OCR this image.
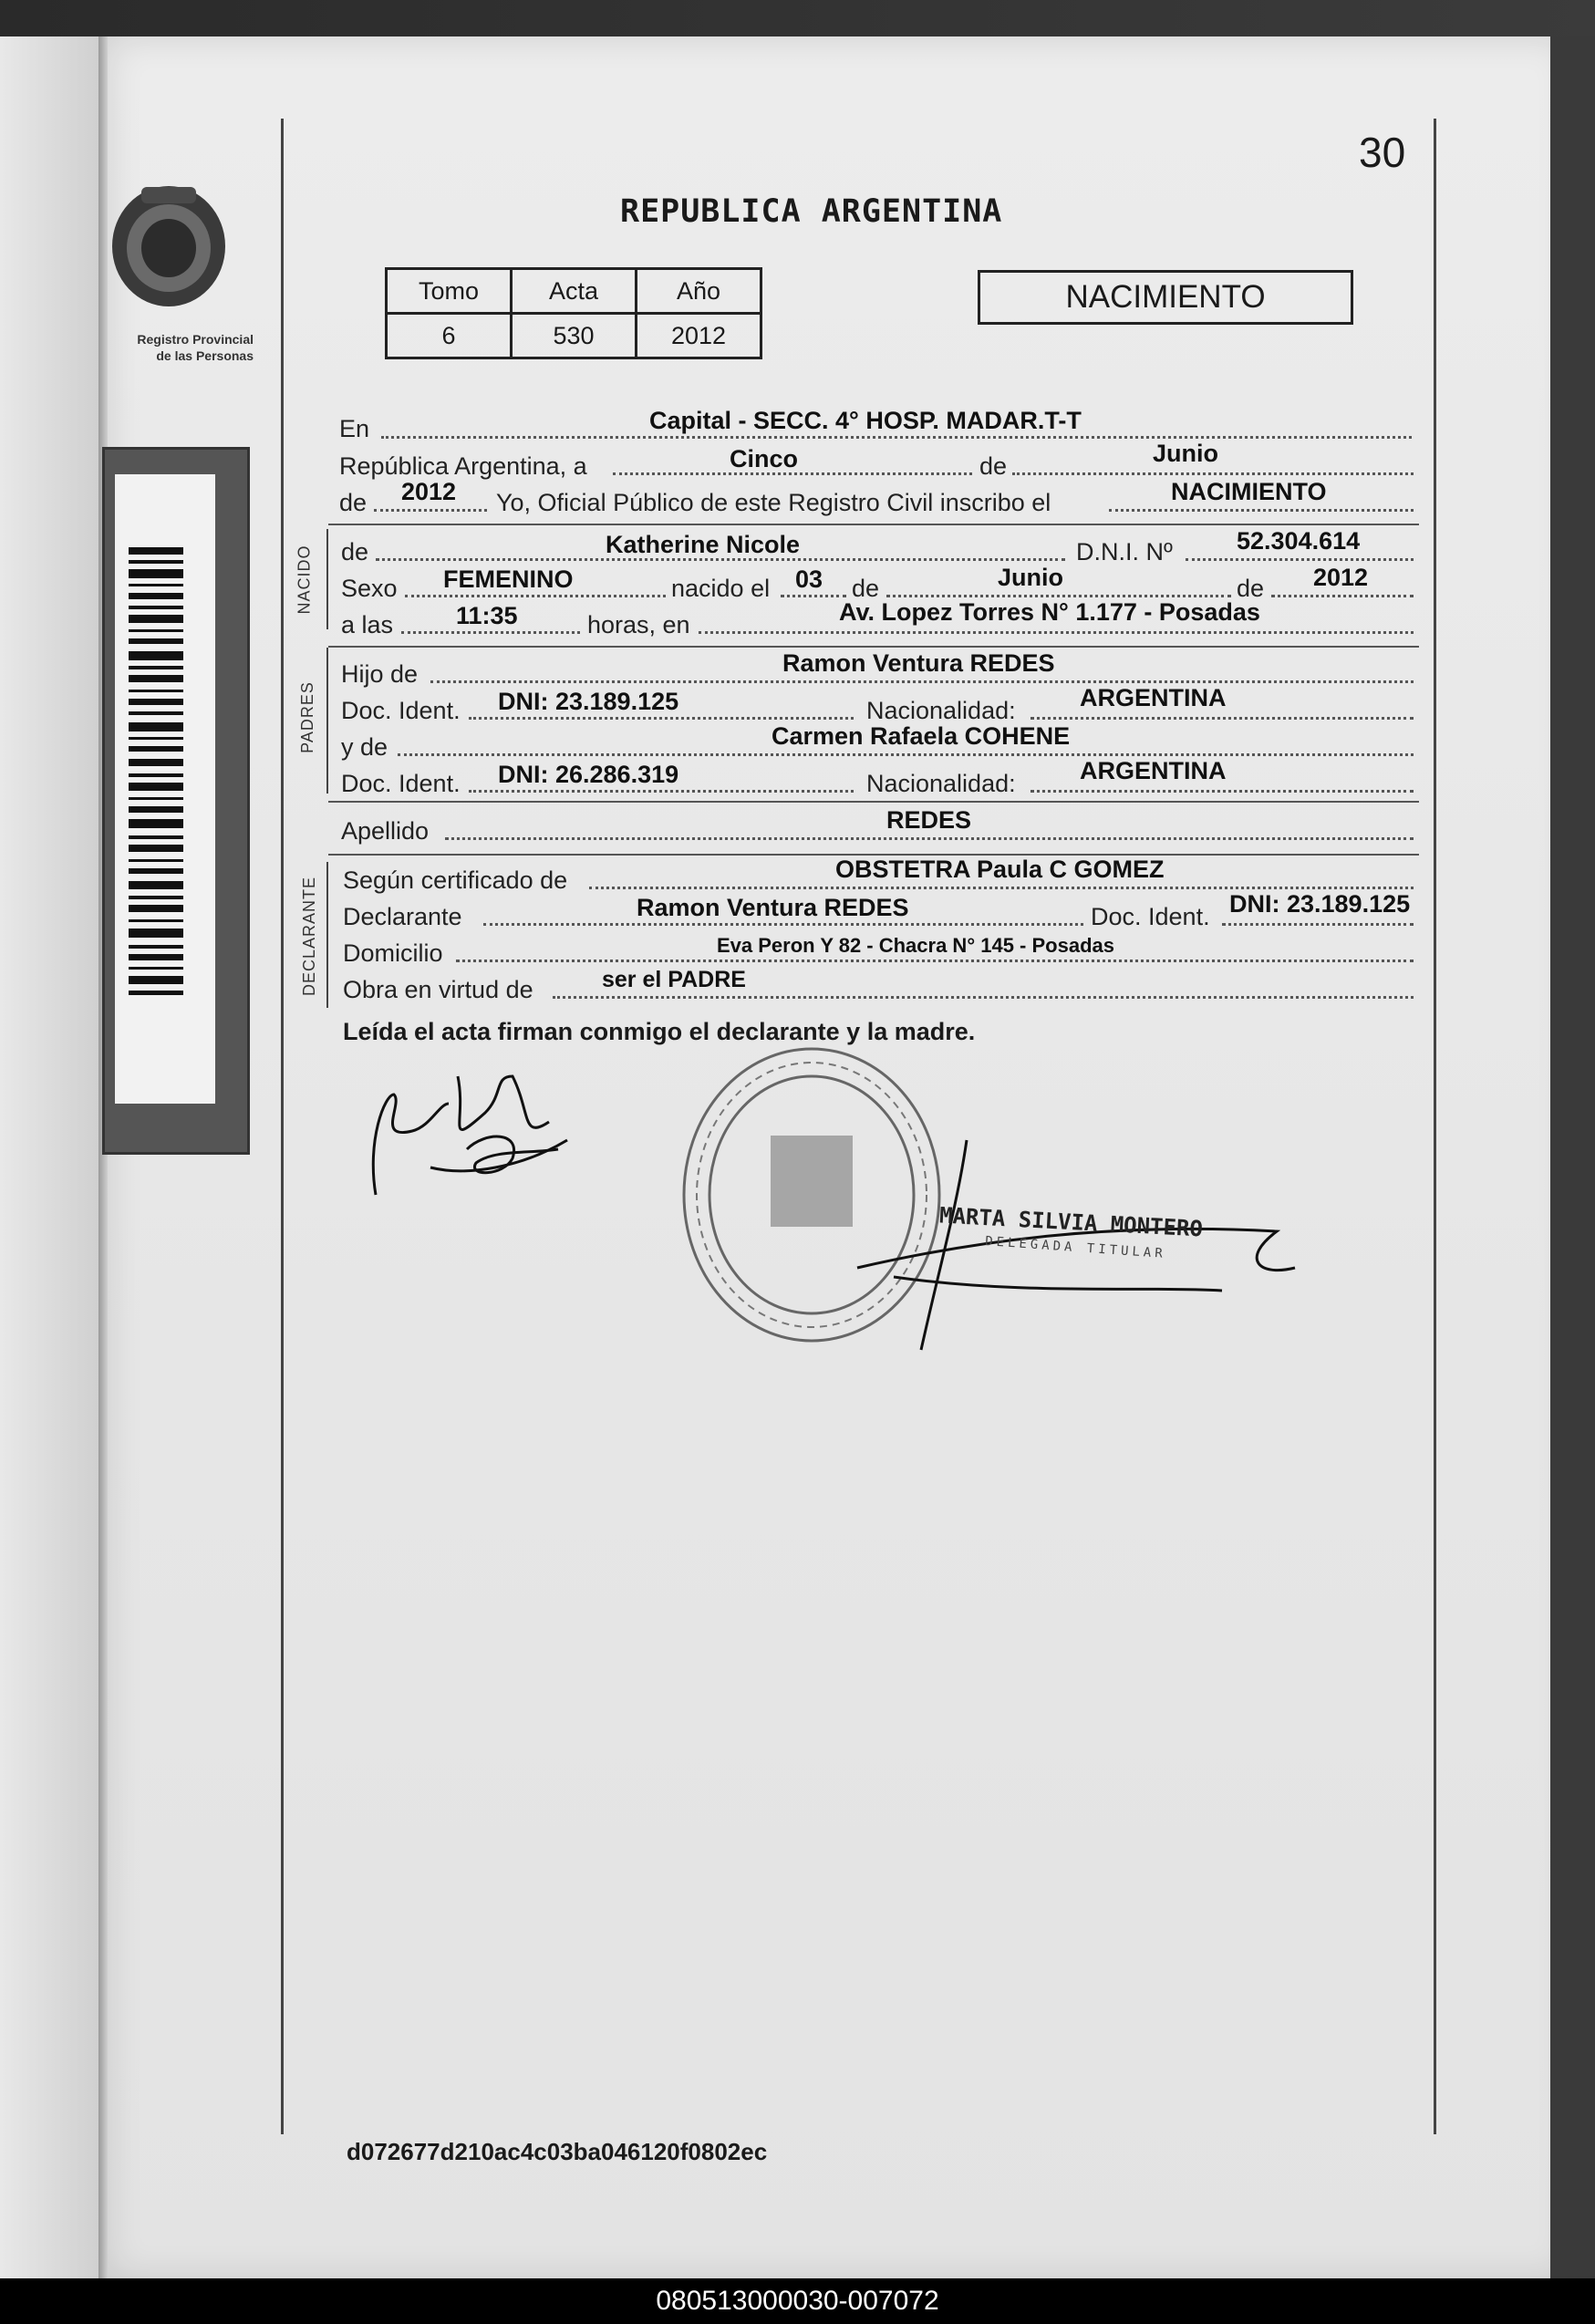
Registro Provincial
de las Personas
NACIDO
PADRES
DECLARANTE
30
REPUBLICA ARGENTINA
Tomo	Acta	Año
6	530	2012
NACIMIENTO
En	Capital - SECC. 4° HOSP. MADAR.T-T
República Argentina, a	Cinco	de	Junio
de 2012 Yo, Oficial Público de este Registro Civil inscribo el	NACIMIENTO
de	Katherine Nicole	D.N.I. Nº	52.304.614
Sexo FEMENINO	nacido el 03 de	Junio	de 2012
a las	11:35	horas, en	Av. Lopez Torres N° 1.177 - Posadas
Hijo de	Ramon Ventura REDES
Doc. Ident. DNI: 23.189.125	Nacionalidad:	ARGENTINA
y de	Carmen Rafaela COHENE
Doc. Ident. DNI: 26.286.319	Nacionalidad:	ARGENTINA
Apellido	REDES
Según certificado de	OBSTETRA Paula C GOMEZ
Declarante	Ramon Ventura REDES	Doc. Ident. DNI: 23.189.125
Domicilio	Eva Peron Y 82 - Chacra N° 145 - Posadas
Obra en virtud de	ser el PADRE
Leída el acta firman conmigo el declarante y la madre.
MARTA SILVIA MONTERO
DELEGADA TITULAR
d072677d210ac4c03ba046120f0802ec
080513000030-007072
